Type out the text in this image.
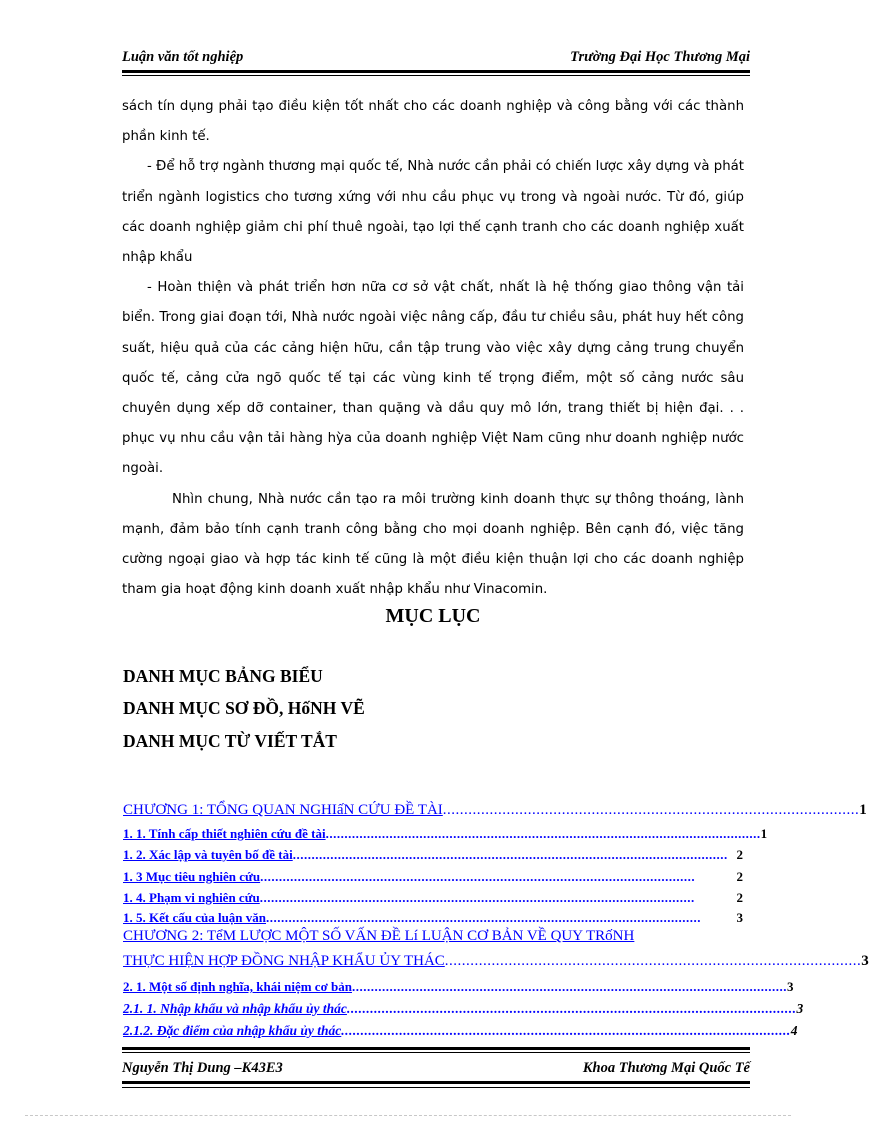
Luận văn tốt nghiệp	Trường Đại Học Thương Mại

sách tín dụng phải tạo điều kiện tốt nhất cho các doanh nghiệp và công bằng với các thành phần kinh tế.

- Để hỗ trợ ngành thương mại quốc tế, Nhà nước cần phải có chiến lược xây dựng và phát triển ngành logistics cho tương xứng với nhu cầu phục vụ trong và ngoài nước. Từ đó, giúp các doanh nghiệp giảm chi phí thuê ngoài, tạo lợi thế cạnh tranh cho các doanh nghiệp xuất nhập khẩu

- Hoàn thiện và phát triển hơn nữa cơ sở vật chất, nhất là hệ thống giao thông vận tải biển. Trong giai đoạn tới, Nhà nước ngoài việc nâng cấp, đầu tư chiều sâu, phát huy hết công suất, hiệu quả của các cảng hiện hữu, cần tập trung vào việc xây dựng cảng trung chuyển quốc tế, cảng cửa ngõ quốc tế tại các vùng kinh tế trọng điểm, một số cảng nước sâu chuyên dụng xếp dỡ container, than quặng và dầu quy mô lớn, trang thiết bị hiện đại. . . phục vụ nhu cầu vận tải hàng hỳa của doanh nghiệp Việt Nam cũng như doanh nghiệp nước ngoài.

Nhìn chung, Nhà nước cần tạo ra môi trường kinh doanh thực sự thông thoáng, lành mạnh, đảm bảo tính cạnh tranh công bằng cho mọi doanh nghiệp. Bên cạnh đó, việc tăng cường ngoại giao và hợp tác kinh tế cũng là một điều kiện thuận lợi cho các doanh nghiệp tham gia hoạt động kinh doanh xuất nhập khẩu như Vinacomin.

MỤC LỤC
DANH MỤC BẢNG BIỂU
DANH MỤC SƠ ĐỒ, HốNH VẼ
DANH MỤC TỪ VIẾT TẮT
CHƯƠNG 1: TỔNG QUAN NGHIấN CỨU ĐỀ TÀI .................................................................................................. 1
1. 1. Tính cấp thiết nghiên cứu đề tài .................................................................................................................... 1
1. 2. Xác lập và tuyên bố đề tài .................................................................................................................... 2
1. 3 Mục tiêu nghiên cứu ....................................................................................................................	2
1. 4. Phạm vi nghiên cứu ....................................................................................................................	2
1. 5. Kết cấu của luận văn ....................................................................................................................	3
CHƯƠNG 2: TểM LƯỢC MỘT SỐ VẤN ĐỀ Lí LUẬN CƠ BẢN VỀ QUY TRốNH
THỰC HIỆN HỢP ĐỒNG NHẬP KHẨU ỦY THÁC .................................................................................................. 3
2. 1. Một số định nghĩa, khái niệm cơ bản .................................................................................................................... 3
2.1. 1. Nhập khẩu và nhập khẩu ủy thác .................................................................................................................... 3
2.1.2. Đặc điểm của nhập khẩu ủy thác .................................................................................................................... 4
Nguyễn Thị Dung –K43E3	Khoa Thương Mại Quốc Tế
